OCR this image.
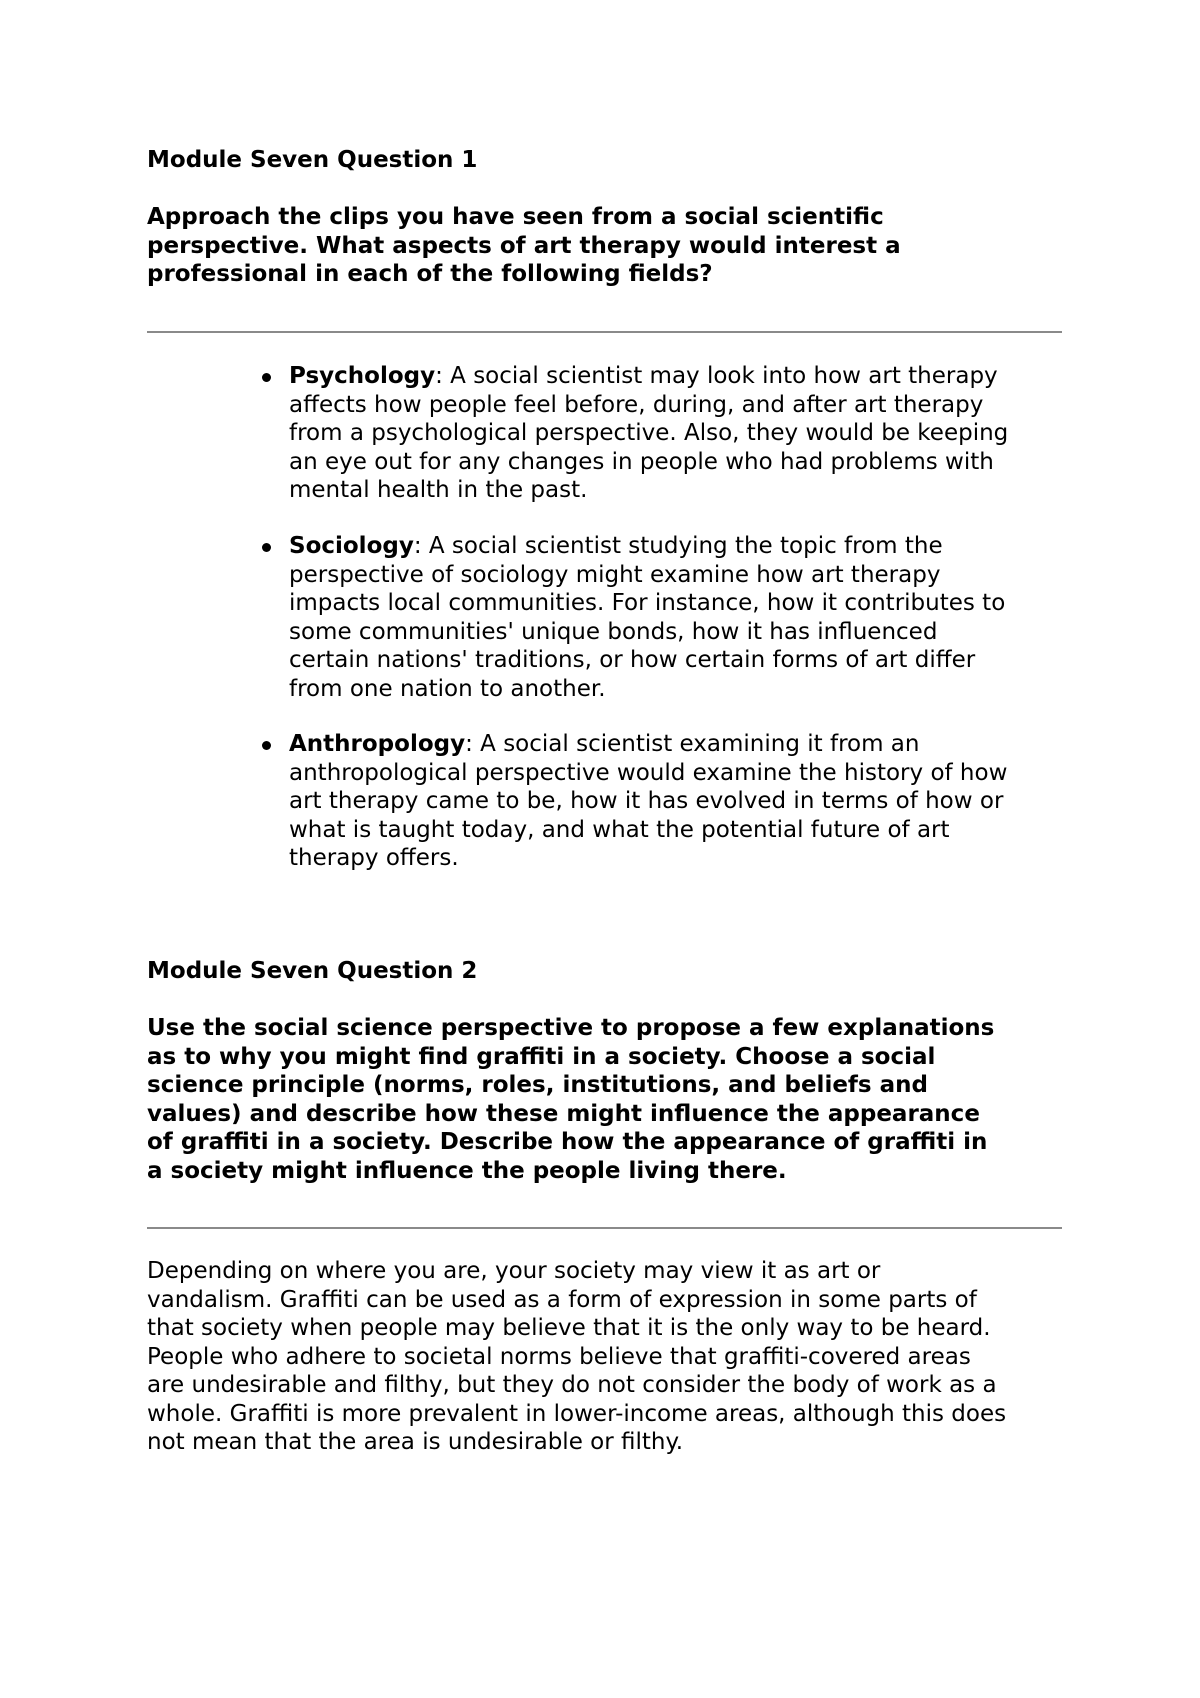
Module Seven Question 1

Approach the clips you have seen from a social scientific
perspective. What aspects of art therapy would interest a
professional in each of the following fields?

Psychology: A social scientist may look into how art therapy
affects how people feel before, during, and after art therapy
from a psychological perspective. Also, they would be keeping
an eye out for any changes in people who had problems with
mental health in the past.
Sociology: A social scientist studying the topic from the
perspective of sociology might examine how art therapy
impacts local communities. For instance, how it contributes to
some communities' unique bonds, how it has influenced
certain nations' traditions, or how certain forms of art differ
from one nation to another.
Anthropology: A social scientist examining it from an
anthropological perspective would examine the history of how
art therapy came to be, how it has evolved in terms of how or
what is taught today, and what the potential future of art
therapy offers.
Module Seven Question 2

Use the social science perspective to propose a few explanations
as to why you might find graffiti in a society. Choose a social
science principle (norms, roles, institutions, and beliefs and
values) and describe how these might influence the appearance
of graffiti in a society. Describe how the appearance of graffiti in
a society might influence the people living there.

Depending on where you are, your society may view it as art or
vandalism. Graffiti can be used as a form of expression in some parts of
that society when people may believe that it is the only way to be heard.
People who adhere to societal norms believe that graffiti-covered areas
are undesirable and filthy, but they do not consider the body of work as a
whole. Graffiti is more prevalent in lower-income areas, although this does
not mean that the area is undesirable or filthy.
